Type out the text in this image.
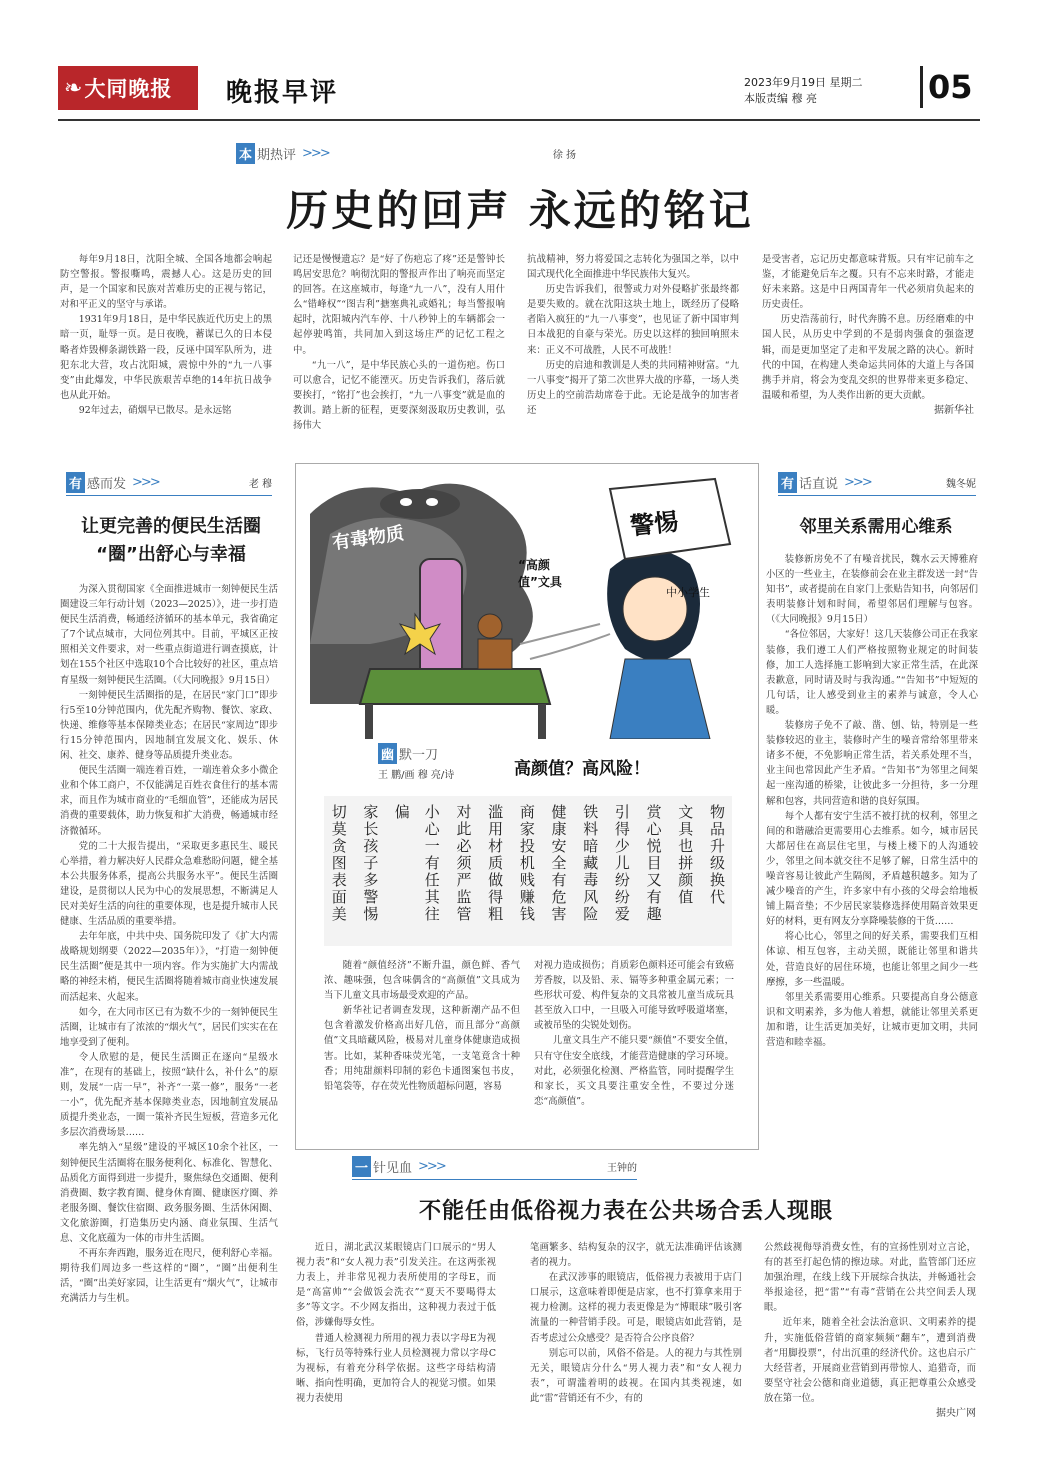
❧ 大同晚报 晚报早评	2023年9月19日 星期二
本版责编 穆 亮	05
本 期热评 >>>	徐 扬
历史的回声 永远的铭记

每年9月18日，沈阳全城、全国各地都会响起防空警报。警报嘶鸣，震撼人心。这是历史的回声，是一个国家和民族对苦难历史的正视与铭记，对和平正义的坚守与承诺。

1931年9月18日，是中华民族近代历史上的黑暗一页，耻辱一页。是日夜晚，蓄谋已久的日本侵略者炸毁柳条湖铁路一段，反诬中国军队所为，进犯东北大营，攻占沈阳城，震惊中外的“九一八事变”由此爆发，中华民族艰苦卓绝的14年抗日战争也从此开始。

92年过去，硝烟早已散尽。是永远铭

记还是慢慢遗忘？是“好了伤疤忘了疼”还是警钟长鸣居安思危？响彻沈阳的警报声作出了响亮而坚定的回答。在这座城市，每逢“九一八”，没有人用什么“错峰权”“图吉利”搪塞典礼或婚礼；每当警报响起时，沈阳城内汽车停、十八秒钟上的车辆都会一起停驶鸣笛，共同加入到这场庄严的记忆工程之中。

“九一八”，是中华民族心头的一道伤疤。伤口可以愈合，记忆不能湮灭。历史告诉我们，落后就要挨打，“铭打”也会挨打，“九一八事变”就是血的教训。踏上新的征程，更要深刻汲取历史教训，弘扬伟大

抗战精神，努力将爱国之志转化为强国之举，以中国式现代化全面推进中华民族伟大复兴。

历史告诉我们，很警或力对外侵略扩张最终都是要失败的。就在沈阳这块土地上，既经历了侵略者陷入疯狂的“九一八事变”，也见证了新中国审判日本战犯的自豪与荣光。历史以这样的独回响照未来：正义不可战胜，人民不可战胜！

历史的启迪和教训是人类的共同精神财富。“九一八事变”揭开了第二次世界大战的序幕，一场人类历史上的空前浩劫席卷于此。无论是战争的加害者还

是受害者，忘记历史都意味背叛。只有牢记前车之鉴，才能避免后车之覆。只有不忘来时路，才能走好未来路。这是中日两国青年一代必须肩负起来的历史责任。

历史浩荡前行，时代奔腾不息。历经磨难的中国人民，从历史中学到的不是弱肉强食的强盗逻辑，而是更加坚定了走和平发展之路的决心。新时代的中国，在构建人类命运共同体的大道上与各国携手并肩，将会为变乱交织的世界带来更多稳定、温暖和希望，为人类作出新的更大贡献。

据新华社
有 感而发 >>>	老 穆
让更完善的便民生活圈
“圈”出舒心与幸福

为深入贯彻国家《全面推进城市一刻钟便民生活圈建设三年行动计划（2023—2025）》，进一步打造便民生活消费，畅通经济循环的基本单元，我省确定了7个试点城市，大同位列其中。目前，平城区正按照相关文件要求，对一些重点街道进行调查摸底，计划在155个社区中选取10个合比较好的社区，重点培育星级一刻钟便民生活圈。（《大同晚报》9月15日）

一刻钟便民生活圈指的是，在居民“家门口”即步行5至10分钟范围内，优先配齐购物、餐饮、家政、快递、维修等基本保障类业态；在居民“家周边”即步行15分钟范围内，因地制宜发展文化、娱乐、休闲、社交、康养、健身等品质提升类业态。

便民生活圈一端连着百姓，一端连着众多小微企业和个体工商户，不仅能满足百姓衣食住行的基本需求，而且作为城市商业的“毛细血管”，还能成为居民消费的重要载体，助力恢复和扩大消费，畅通城市经济微循环。

党的二十大报告提出，“采取更多惠民生、暖民心举措，着力解决好人民群众急难愁盼问题，健全基本公共服务体系，提高公共服务水平”。便民生活圈建设，是贯彻以人民为中心的发展思想，不断满足人民对美好生活的向往的重要体现，也是提升城市人民健康、生活品质的重要举措。

去年年底，中共中央、国务院印发了《扩大内需战略规划纲要（2022—2035年）》，“打造一刻钟便民生活圈”便是其中一项内容。作为实施扩大内需战略的神经末梢，便民生活圈将随着城市商业快速发展而活起来、火起来。

如今，在大同市区已有为数不少的一刻钟便民生活圈，让城市有了浓浓的“烟火气”，居民们实实在在地享受到了便利。

令人欣慰的是，便民生活圈正在逐向“星级水准”，在现有的基础上，按照“缺什么，补什么”的原则，发展“一店一早”，补齐“一菜一修”，服务“一老一小”，优先配齐基本保障类业态，因地制宜发展品质提升类业态，一圈一策补齐民生短板，营造多元化多层次消费场景……

率先纳入“星级”建设的平城区10余个社区，一刻钟便民生活圈将在服务便利化、标准化、智慧化、品质化方面得到进一步提升，聚焦绿色交通圈、便利消费圈、数字教育圈、健身休育圈、健康医疗圈、养老服务圈、餐饮住宿圈、政务服务圈、生活休闲圈、文化旅游圈，打造集历史内涵、商业氛围、生活气息、文化底蕴为一体的市井生活圈。

不再东奔西跑，服务近在咫尺，便利舒心幸福。期待我们周边多一些这样的“圈”，“圈”出便利生活，“圈”出美好家园，让生活更有“烟火气”，让城市充满活力与生机。

有毒物质
“高颜值”文具
警惕
中小学生
幽 默一刀
王 鹏/画 穆 亮/诗	高颜值？高风险！
物品升级换代
文具也拼颜值
赏心悦目又有趣
引得少儿纷纷爱
铁料暗藏毒风险
健康安全有危害
商家投机贱赚钱
滥用材质做得粗
对此必须严监管
小心一有任其往偏
家长孩子多警惕
切莫贪图表面美

随着“颜值经济”不断升温，颜色鲜、香气浓、趣味强，包含味偶含的“高颜值”文具成为当下儿童文具市场最受欢迎的产品。

新华社记者调查发现，这种新潮产品不但包含着激发价格高出好几倍，而且部分“高颜值”文具暗藏风险，极易对儿童身体健康造成损害。比如，某种香味荧光笔，一支笔竟含十种香；用纯甜颜料印制的彩色卡通图案包书皮，铅笔袋等，存在荧光性物质超标问题，容易

对视力造成损伤；肖质彩色颜料还可能会有致癌芳香胺，以及铅、汞、镉等多种重金属元素；一些形状可爱、构件复杂的文具常被儿童当成玩具甚至放入口中，一旦吸入可能导致呼吸道堵塞，或被吊坠的尖锐处划伤。

儿童文具生产不能只要“颜值”不要安全值，只有守住安全底线，才能营造健康的学习环境。对此，必须强化检测、严格监管，同时提醒学生和家长，买文具要注重安全性，不要过分迷恋“高颜值”。

有 话直说 >>>	魏冬妮
邻里关系需用心维系

装修新房免不了有噪音扰民，魏水云天博雅府小区的一些业主，在装修前会在业主群发送一封“告知书”，或者提前在自家门上张贴告知书，向邻居们表明装修计划和时间，希望邻居们理解与包容。（《大同晚报》9月15日）

“各位邻居，大家好！这几天装修公司正在我家装修，我们遵工人们严格按照物业规定的时间装修，加工人选择施工影响到大家正常生活，在此深表歉意，同时请及时与我沟通。”“告知书”中短短的几句话，让人感受到业主的素养与诚意，令人心暖。

装修房子免不了敲、凿、刨、钻，特别是一些装修较迟的业主，装修时产生的噪音常给邻里带来诸多不便，不免影响正常生活，若关系处理不当，业主间也常因此产生矛盾。“告知书”为邻里之间架起一座沟通的桥梁，让彼此多一分担待，多一分理解和包容，共同营造和谐的良好氛围。

每个人都有安宁生活不被打扰的权利，邻里之间的和谐融洽更需要用心去维系。如今，城市居民大都居住在高层住宅里，与楼上楼下的人沟通较少，邻里之间本就交往不足够了解，日常生活中的噪音容易让彼此产生隔阂，矛盾越积越多。知为了减少噪音的产生，许多家中有小孩的父母会给地板铺上隔音垫；不少居民家装修选择使用隔音效果更好的材料，更有网友分享降噪装修的干货……

将心比心，邻里之间的好关系，需要我们互相体谅、相互包容，主动关照，既能让邻里和谐共处，营造良好的居住环境，也能让邻里之间少一些摩擦，多一些温暖。

邻里关系需要用心维系。只要提高自身公德意识和文明素养，多为他人着想，就能让邻里关系更加和谐，让生活更加美好，让城市更加文明，共同营造和睦幸福。

一 针见血 >>>	王钟的
不能任由低俗视力表在公共场合丢人现眼

近日，湖北武汉某眼镜店门口展示的“男人视力表”和“女人视力表”引发关注。在这两张视力表上，并非常见视力表所使用的字母E，而是“高富帅”“会做饭会洗衣”“夏天不要喝得太多”等文字。不少网友指出，这种视力表过于低俗，涉嫌侮辱女性。

普通人检测视力所用的视力表以字母E为视标，飞行员等特殊行业人员检测视力常以字母C为视标，有着充分科学依据。这些字母结构清晰、指向性明确，更加符合人的视觉习惯。如果视力表使用

笔画繁多、结构复杂的汉字，就无法准确评估该测者的视力。

在武汉涉事的眼镜店，低俗视力表被用于店门口展示，这意味着即便是店家，也不打算拿来用于视力检测。这样的视力表更像是为“博眼球”吸引客流量的一种营销手段。可是，眼镜店如此营销，是否考虑过公众感受？是否符合公序良俗？

别忘可以前，风俗不俗是。人的视力与其性别无关，眼镜店分什么“男人视力表”和“女人视力表”，可谓滥着明的歧视。在国内其类视速，如此“雷”营销还有不少，有的

公然歧视侮辱消费女性，有的宣扬性别对立言论，有的甚至打起色情的擦边球。对此，监管部门还应加强治理，在线上线下开展综合执法，并畅通社会举报途径，把“雷”“有毒”营销在公共空间丢人现眼。

近年来，随着全社会法治意识、文明素养的提升，实施低俗营销的商家频频“翻车”，遭到消费者“用脚投票”，付出沉重的经济代价。这也启示广大经营者，开展商业营销到再带惊人、追猎奇，而要坚守社会公德和商业道德，真正把尊重公众感受放在第一位。

据央广网
